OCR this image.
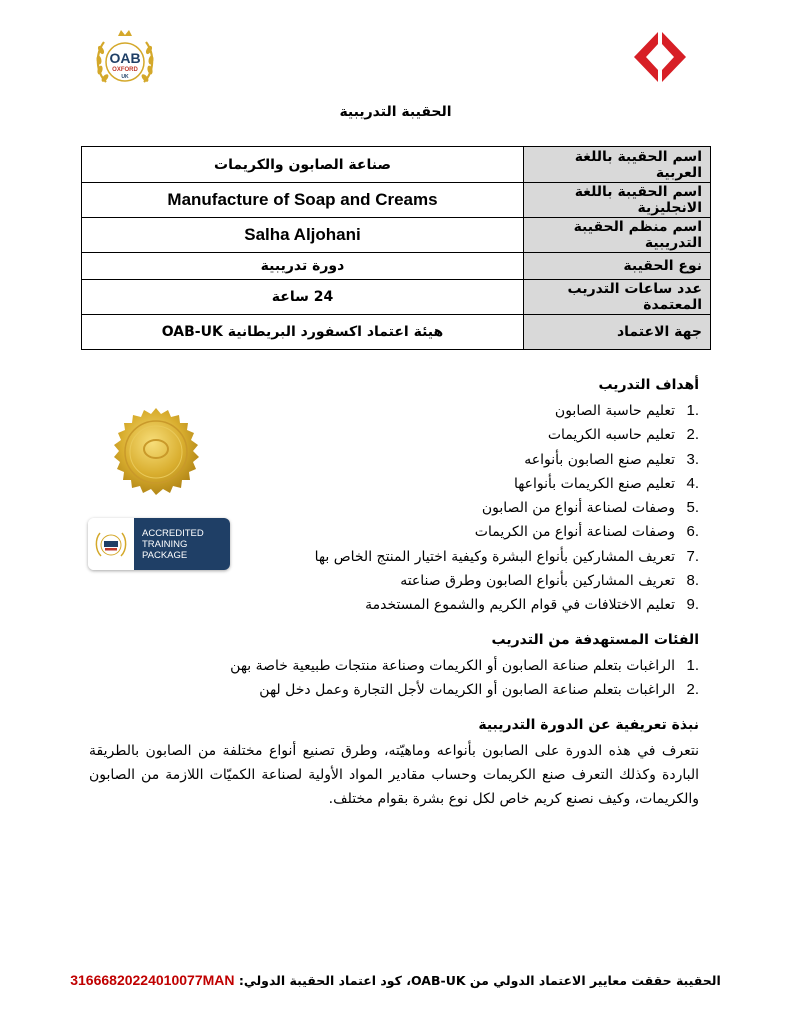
OAB
OXFORD
UK
الحقيبة التدريبية
اسم الحقيبة باللغة العربية	صناعة الصابون والكريمات
اسم الحقيبة باللغة الانجليزية	Manufacture of Soap and Creams
اسم منظم الحقيبة التدريبية	Salha Aljohani
نوع الحقيبة	دورة تدريبية
عدد ساعات التدريب المعتمدة	24 ساعة
جهة الاعتماد	هيئة اعتماد اكسفورد البريطانية OAB-UK
أهداف التدريب
تعليم حاسبة الصابون
تعليم حاسبه الكريمات
تعليم صنع الصابون بأنواعه
تعليم صنع الكريمات بأنواعها
وصفات لصناعة أنواع من الصابون
وصفات لصناعة أنواع من الكريمات
تعريف المشاركين بأنواع البشرة وكيفية اختيار المنتج الخاص بها
تعريف المشاركين بأنواع الصابون وطرق صناعته
تعليم الاختلافات في قوام الكريم والشموع المستخدمة
ACCREDITED
TRAINING PACKAGE
الفئات المستهدفة من التدريب
الراغبات بتعلم صناعة الصابون أو الكريمات وصناعة منتجات طبيعية خاصة بهن
الراغبات بتعلم صناعة الصابون أو الكريمات لأجل التجارة وعمل دخل لهن
نبذة تعريفية عن الدورة التدريبية

نتعرف في هذه الدورة على الصابون بأنواعه وماهيّته، وطرق تصنيع أنواع مختلفة من الصابون بالطريقة الباردة وكذلك التعرف صنع الكريمات وحساب مقادير المواد الأولية لصناعة الكميّات اللازمة من الصابون والكريمات، وكيف نصنع كريم خاص لكل نوع بشرة بقوام مختلف.

الحقيبة حققت معايير الاعتماد الدولي من OAB-UK، كود اعتماد الحقيبة الدولي: 31666820224010077MAN
